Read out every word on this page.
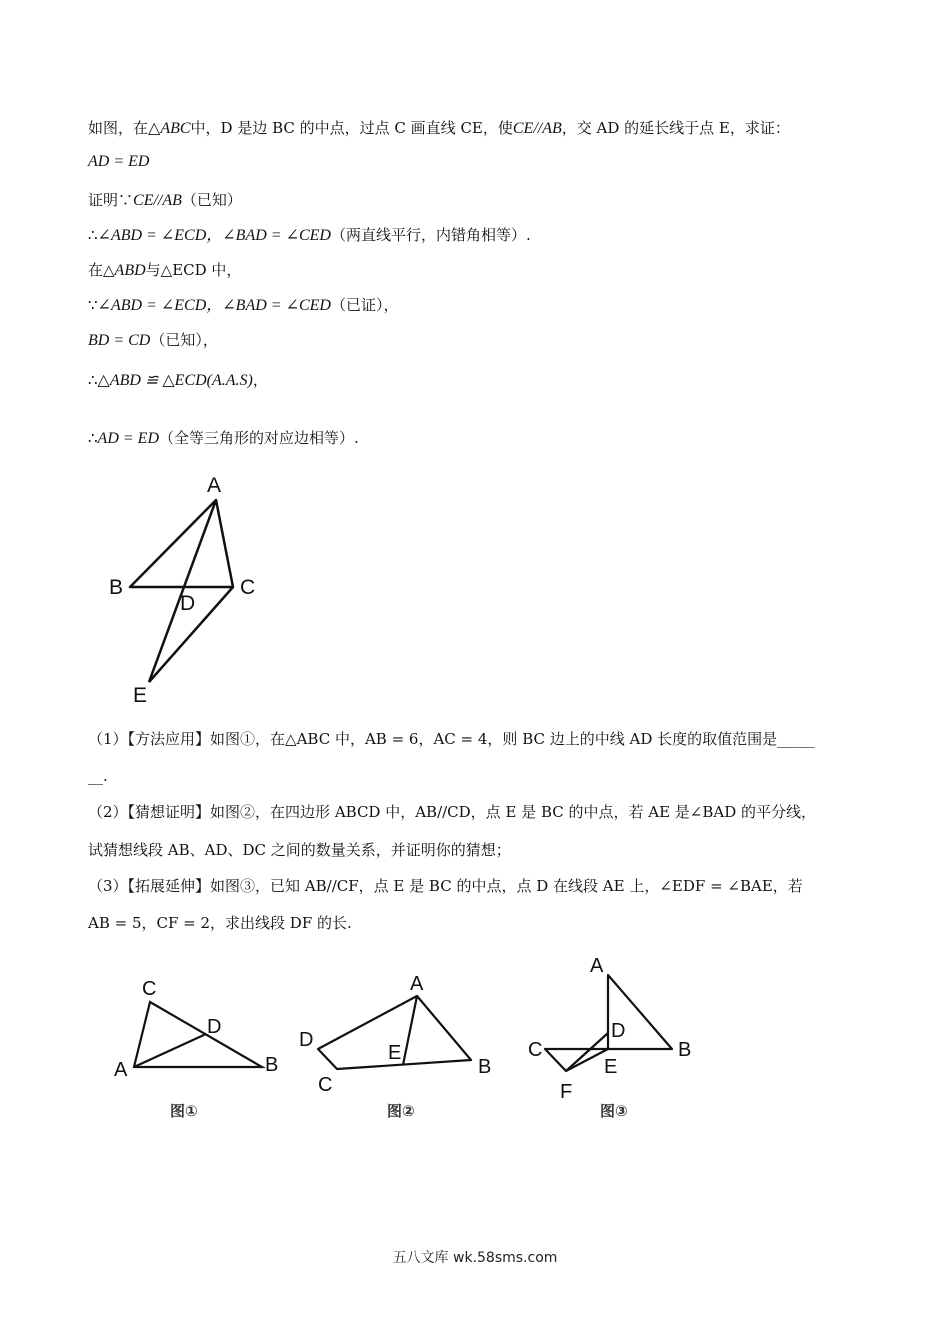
如图，在△ABC中，D 是边 BC 的中点，过点 C 画直线 CE，使CE//AB，交 AD 的延长线于点 E，求证：
AD = ED
证明∵CE//AB（已知）
∴∠ABD = ∠ECD，∠BAD = ∠CED（两直线平行，内错角相等）.
在△ABD与△ECD 中，
∵∠ABD = ∠ECD，∠BAD = ∠CED（已证），
BD = CD（已知），
∴△ABD ≌ △ECD(A.A.S)，
∴AD = ED（全等三角形的对应边相等）.
A
B	C
D
E
（1）【方法应用】如图①，在△ABC 中，AB = 6，AC = 4，则 BC 边上的中线 AD 长度的取值范围是_____
__.
（2）【猜想证明】如图②，在四边形 ABCD 中，AB//CD，点 E 是 BC 的中点，若 AE 是∠BAD 的平分线，
试猜想线段 AB、AD、DC 之间的数量关系，并证明你的猜想；
（3）【拓展延伸】如图③，已知 AB//CF，点 E 是 BC 的中点，点 D 在线段 AE 上，∠EDF = ∠BAE，若
AB = 5，CF = 2，求出线段 DF 的长.
C
D
A	B
图①
A
D
E
B
C
图②
A
D
C
E
B
F
图③
五八文库 wk.58sms.com
